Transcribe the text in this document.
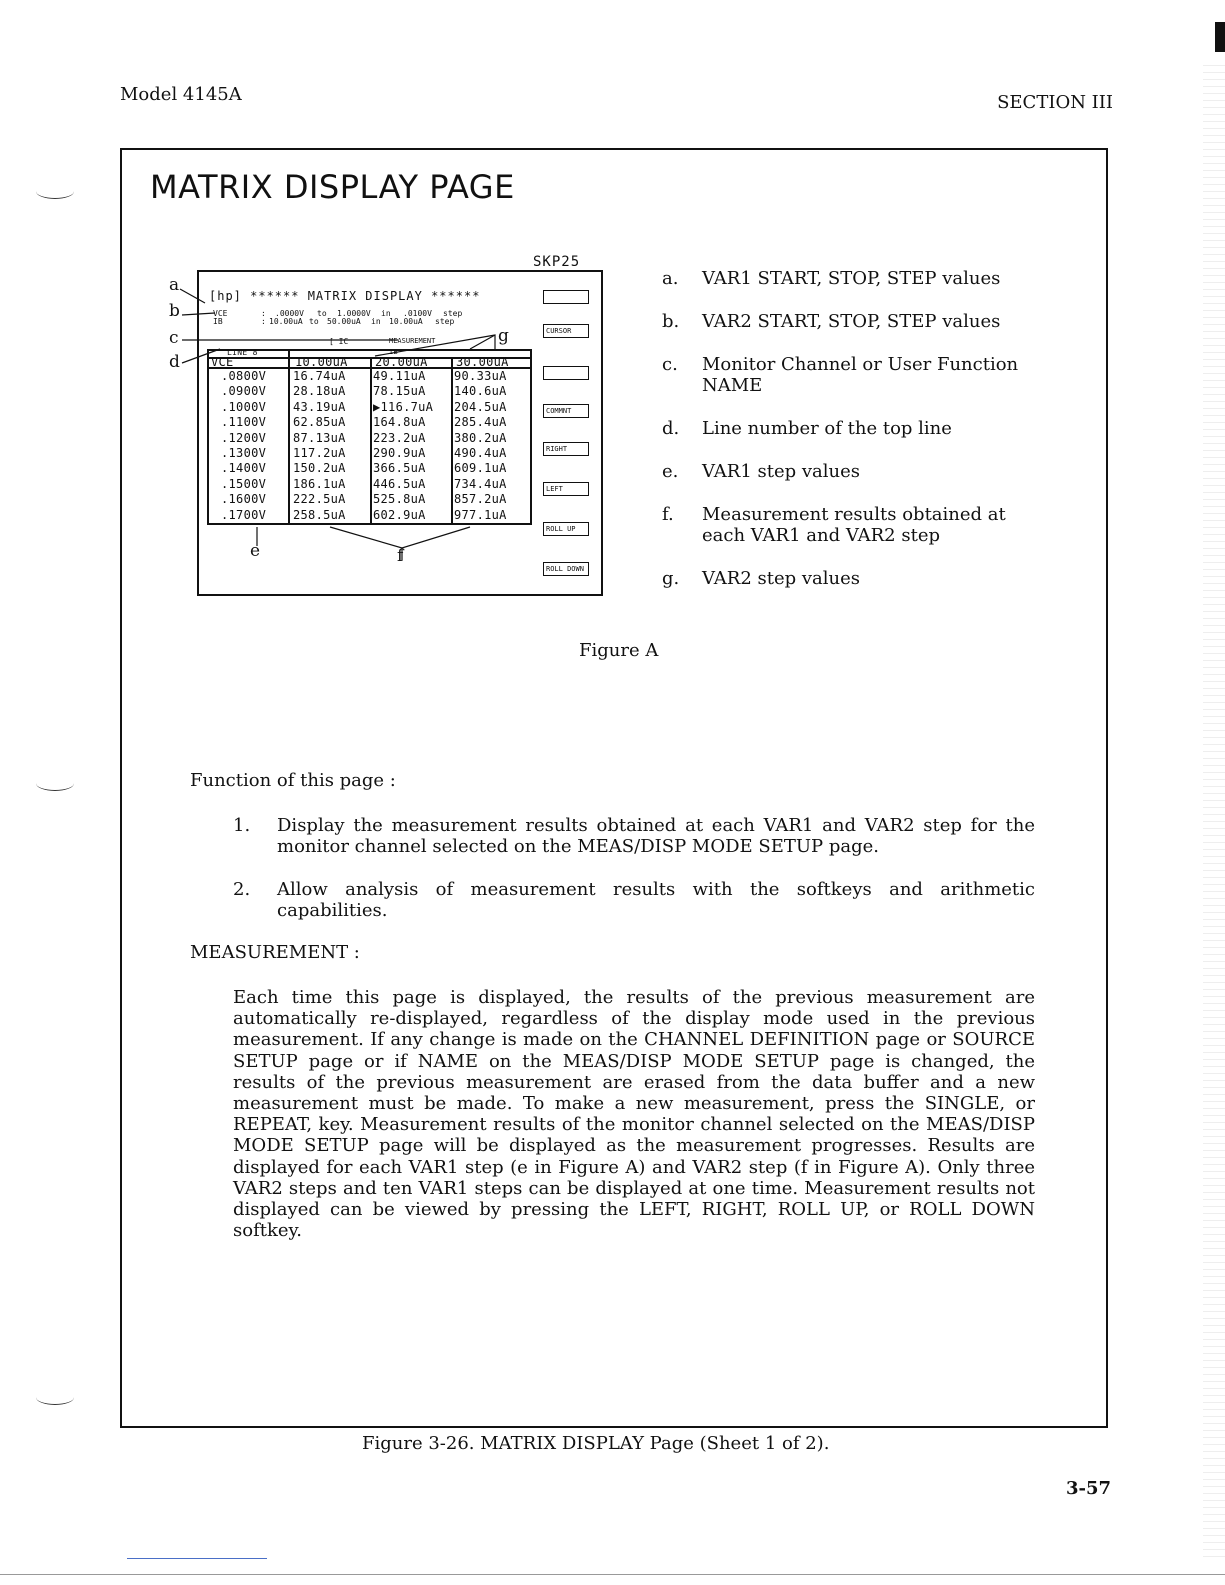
Model 4145A	SECTION III
MATRIX DISPLAY PAGE
SKP25
[hp] ****** MATRIX DISPLAY ******
VCE	: .0000V to 1.0000V in .0100V step
IB	: 10.00uA to 50.00uA in 10.00uA step
[ IC	MEASUREMENT
LINE 8	IB
VCE	10.00uA 20.00uA 30.00uA
.0800V 16.74uA 49.11uA 90.33uA
.0900V 28.18uA 78.15uA 140.6uA
.1000V 43.19uA ▶116.7uA 204.5uA
.1100V 62.85uA 164.8uA 285.4uA
.1200V 87.13uA 223.2uA 380.2uA
.1300V 117.2uA 290.9uA 490.4uA
.1400V 150.2uA 366.5uA 609.1uA
.1500V 186.1uA 446.5uA 734.4uA
.1600V 222.5uA 525.8uA 857.2uA
.1700V 258.5uA 602.9uA 977.1uA
CURSOR
COMMNT
RIGHT
LEFT
ROLL UP
ROLL DOWN
a
b
c
d
e	f
g
a. VAR1 START, STOP, STEP values
b. VAR2 START, STOP, STEP values
c. Monitor Channel or User Function NAME
d. Line number of the top line
e. VAR1 step values
f. Measurement results obtained at each VAR1 and VAR2 step
g. VAR2 step values
Figure A
Function of this page :
1. Display the measurement results obtained at each VAR1 and VAR2 step for the monitor channel selected on the MEAS/DISP MODE SETUP page.
2. Allow analysis of measurement results with the softkeys and arithmetic capabilities.
MEASUREMENT :
Each time this page is displayed, the results of the previous measurement are automatically re-displayed, regardless of the display mode used in the previous measurement. If any change is made on the CHANNEL DEFINITION page or SOURCE SETUP page or if NAME on the MEAS/DISP MODE SETUP page is changed, the results of the previous measurement are erased from the data buffer and a new measurement must be made. To make a new measurement, press the SINGLE, or REPEAT, key. Measurement results of the monitor channel selected on the MEAS/DISP MODE SETUP page will be displayed as the measurement progresses. Results are displayed for each VAR1 step (e in Figure A) and VAR2 step (f in Figure A). Only three VAR2 steps and ten VAR1 steps can be displayed at one time. Measurement results not displayed can be viewed by pressing the LEFT, RIGHT, ROLL UP, or ROLL DOWN softkey.
Figure 3-26. MATRIX DISPLAY Page (Sheet 1 of 2).
3-57
